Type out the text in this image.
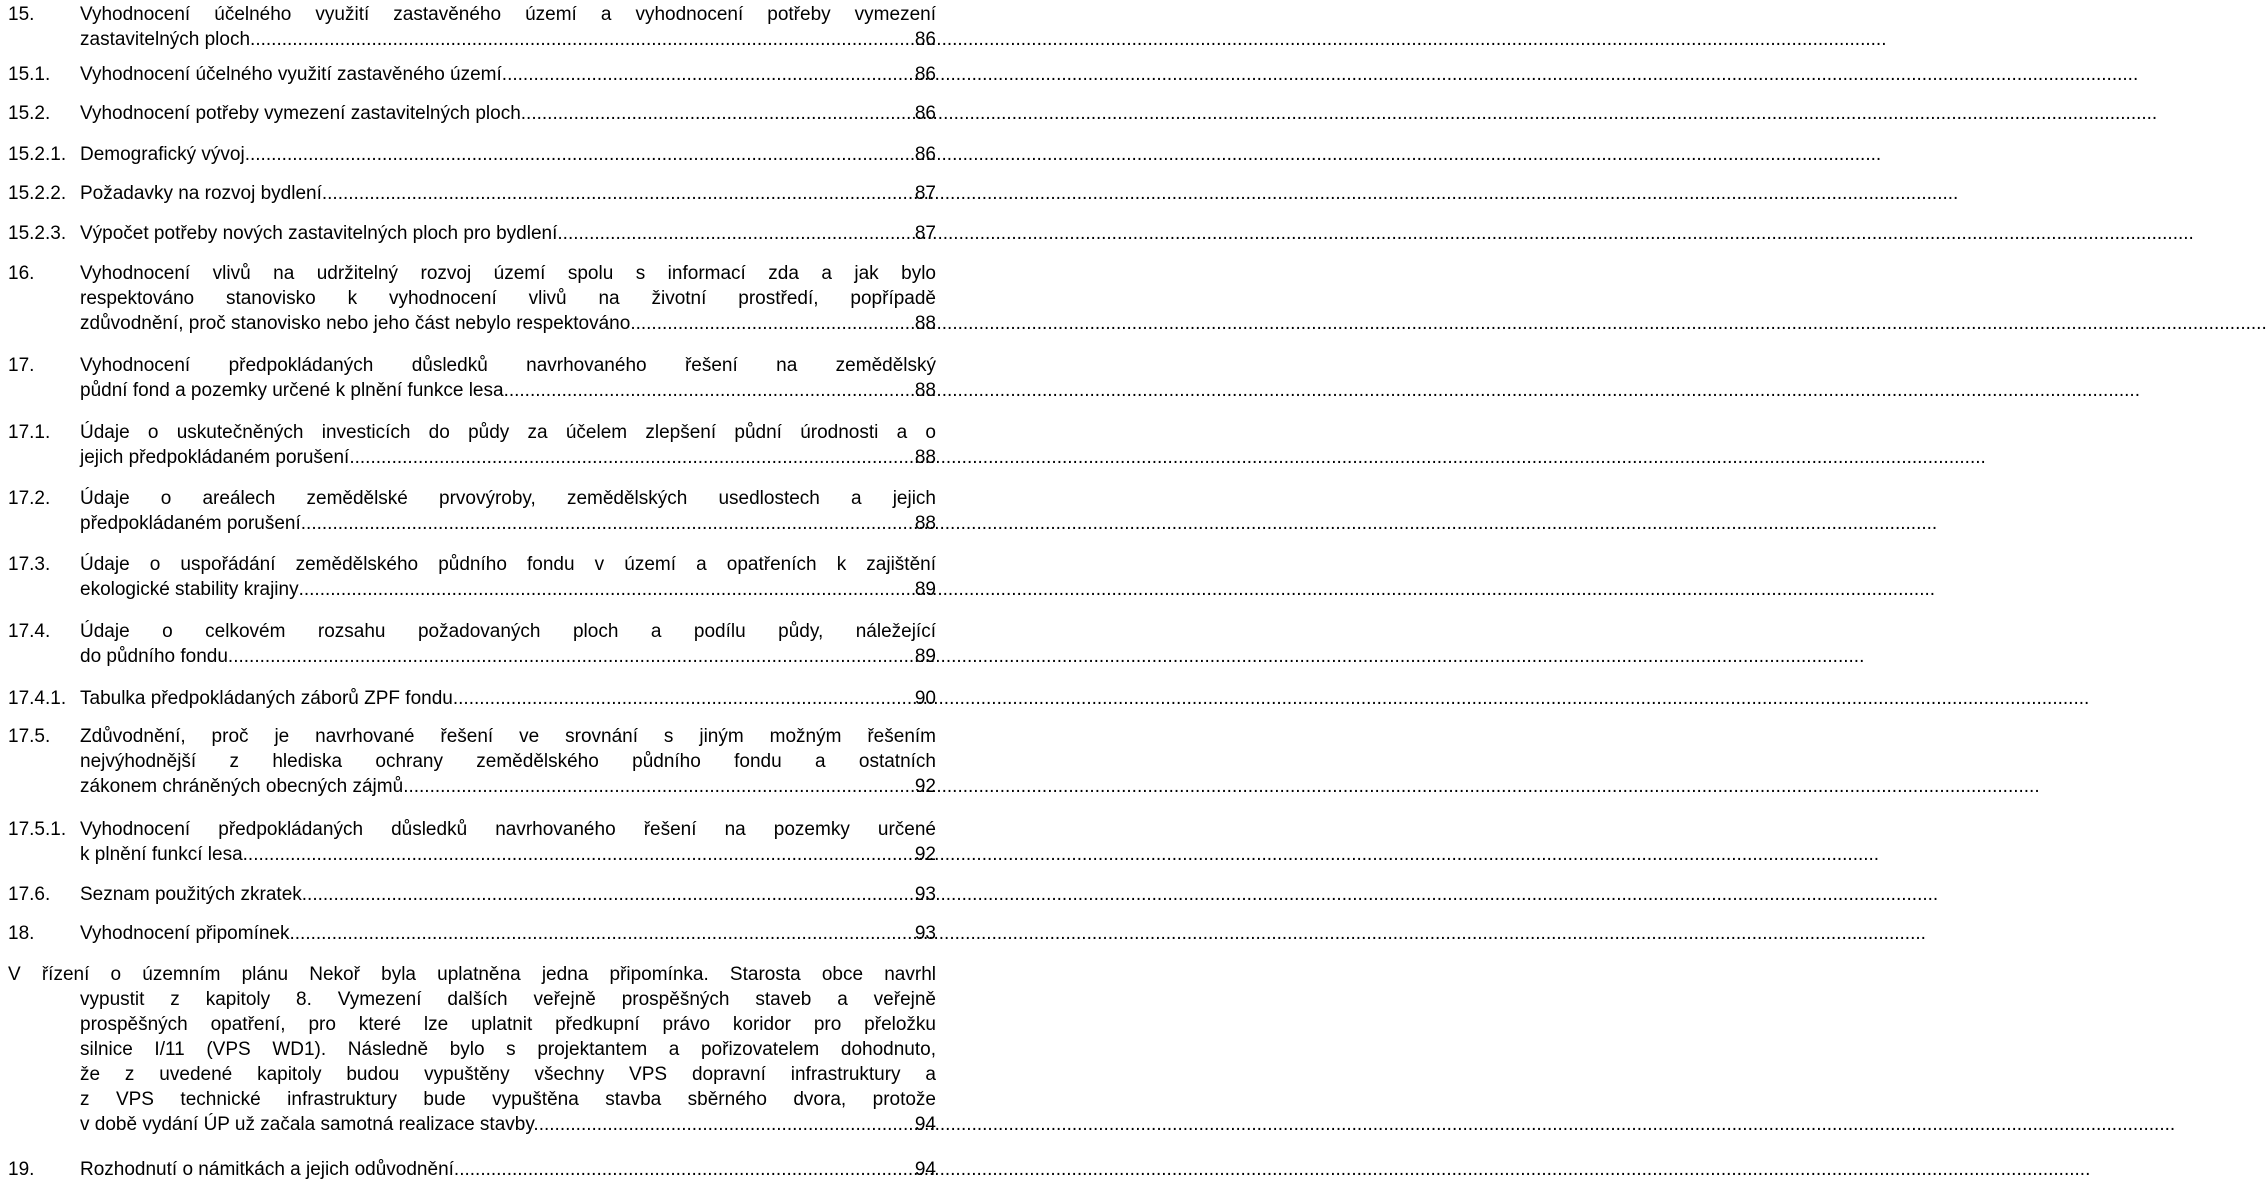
15. Vyhodnocení účelného využití zastavěného území a vyhodnocení potřeby vymezení
zastavitelných ploch .....	86
15.1. Vyhodnocení účelného využití zastavěného území .....	86
15.2. Vyhodnocení potřeby vymezení zastavitelných ploch .....	86
15.2.1. Demografický vývoj .....	86
15.2.2. Požadavky na rozvoj bydlení .....	87
15.2.3. Výpočet potřeby nových zastavitelných ploch pro bydlení .....	87
16. Vyhodnocení vlivů na udržitelný rozvoj území spolu s informací zda a jak bylo
respektováno stanovisko k vyhodnocení vlivů na životní prostředí, popřípadě
zdůvodnění, proč stanovisko nebo jeho část nebylo respektováno .....	88
17. Vyhodnocení předpokládaných důsledků navrhovaného řešení na zemědělský
půdní fond a pozemky určené k plnění funkce lesa .....	88
17.1. Údaje o uskutečněných investicích do půdy za účelem zlepšení půdní úrodnosti a o
jejich předpokládaném porušení .....	88
17.2. Údaje o areálech zemědělské prvovýroby, zemědělských usedlostech a jejich
předpokládaném porušení .....	88
17.3. Údaje o uspořádání zemědělského půdního fondu v území a opatřeních k zajištění
ekologické stability krajiny .....	89
17.4. Údaje o celkovém rozsahu požadovaných ploch a podílu půdy, náležející
do půdního fondu .....	89
17.4.1. Tabulka předpokládaných záborů ZPF fondu .....	90
17.5. Zdůvodnění, proč je navrhované řešení ve srovnání s jiným možným řešením
nejvýhodnější z hlediska ochrany zemědělského půdního fondu a ostatních
zákonem chráněných obecných zájmů .....	92
17.5.1. Vyhodnocení předpokládaných důsledků navrhovaného řešení na pozemky určené
k plnění funkcí lesa .....	92
17.6. Seznam použitých zkratek .....	93
18. Vyhodnocení připomínek .....	93
V řízení o územním plánu Nekoř byla uplatněna jedna připomínka. Starosta obce navrhl
vypustit z kapitoly 8. Vymezení dalších veřejně prospěšných staveb a veřejně
prospěšných opatření, pro které lze uplatnit předkupní právo koridor pro přeložku
silnice I/11 (VPS WD1). Následně bylo s projektantem a pořizovatelem dohodnuto,
že z uvedené kapitoly budou vypuštěny všechny VPS dopravní infrastruktury a
z VPS technické infrastruktury bude vypuštěna stavba sběrného dvora, protože
v době vydání ÚP už začala samotná realizace stavby. .....	94
19. Rozhodnutí o námitkách a jejich odůvodnění .....	94
